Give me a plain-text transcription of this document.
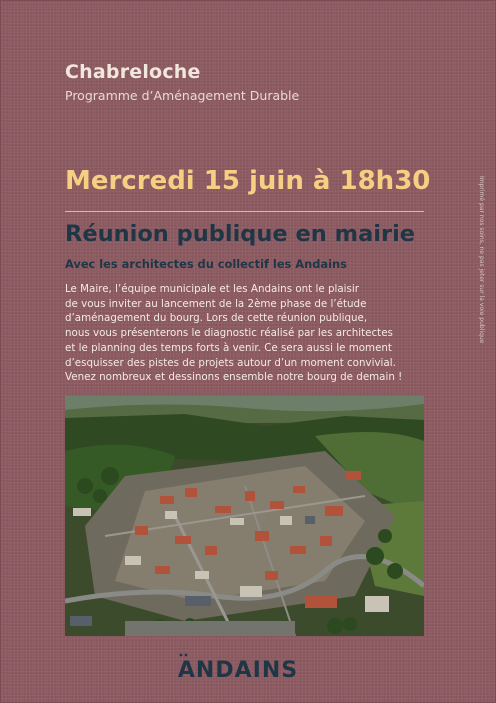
Chabreloche

Programme d’Aménagement Durable

Mercredi 15 juin à 18h30
Réunion publique en mairie

Avec les architectes du collectif les Andains

Le Maire, l’équipe municipale et les Andains ont le plaisir
de vous inviter au lancement de la 2ème phase de l’étude
d’aménagement du bourg. Lors de cette réunion publique,
nous vous présenterons le diagnostic réalisé par les architectes
et le planning des temps forts à venir. Ce sera aussi le moment
d’esquisser des pistes de projets autour d’un moment convivial.
Venez nombreux et dessinons ensemble notre bourg de demain !

Imprimé par nos soins, ne pas jeter sur la voie publique
ANDAINS
